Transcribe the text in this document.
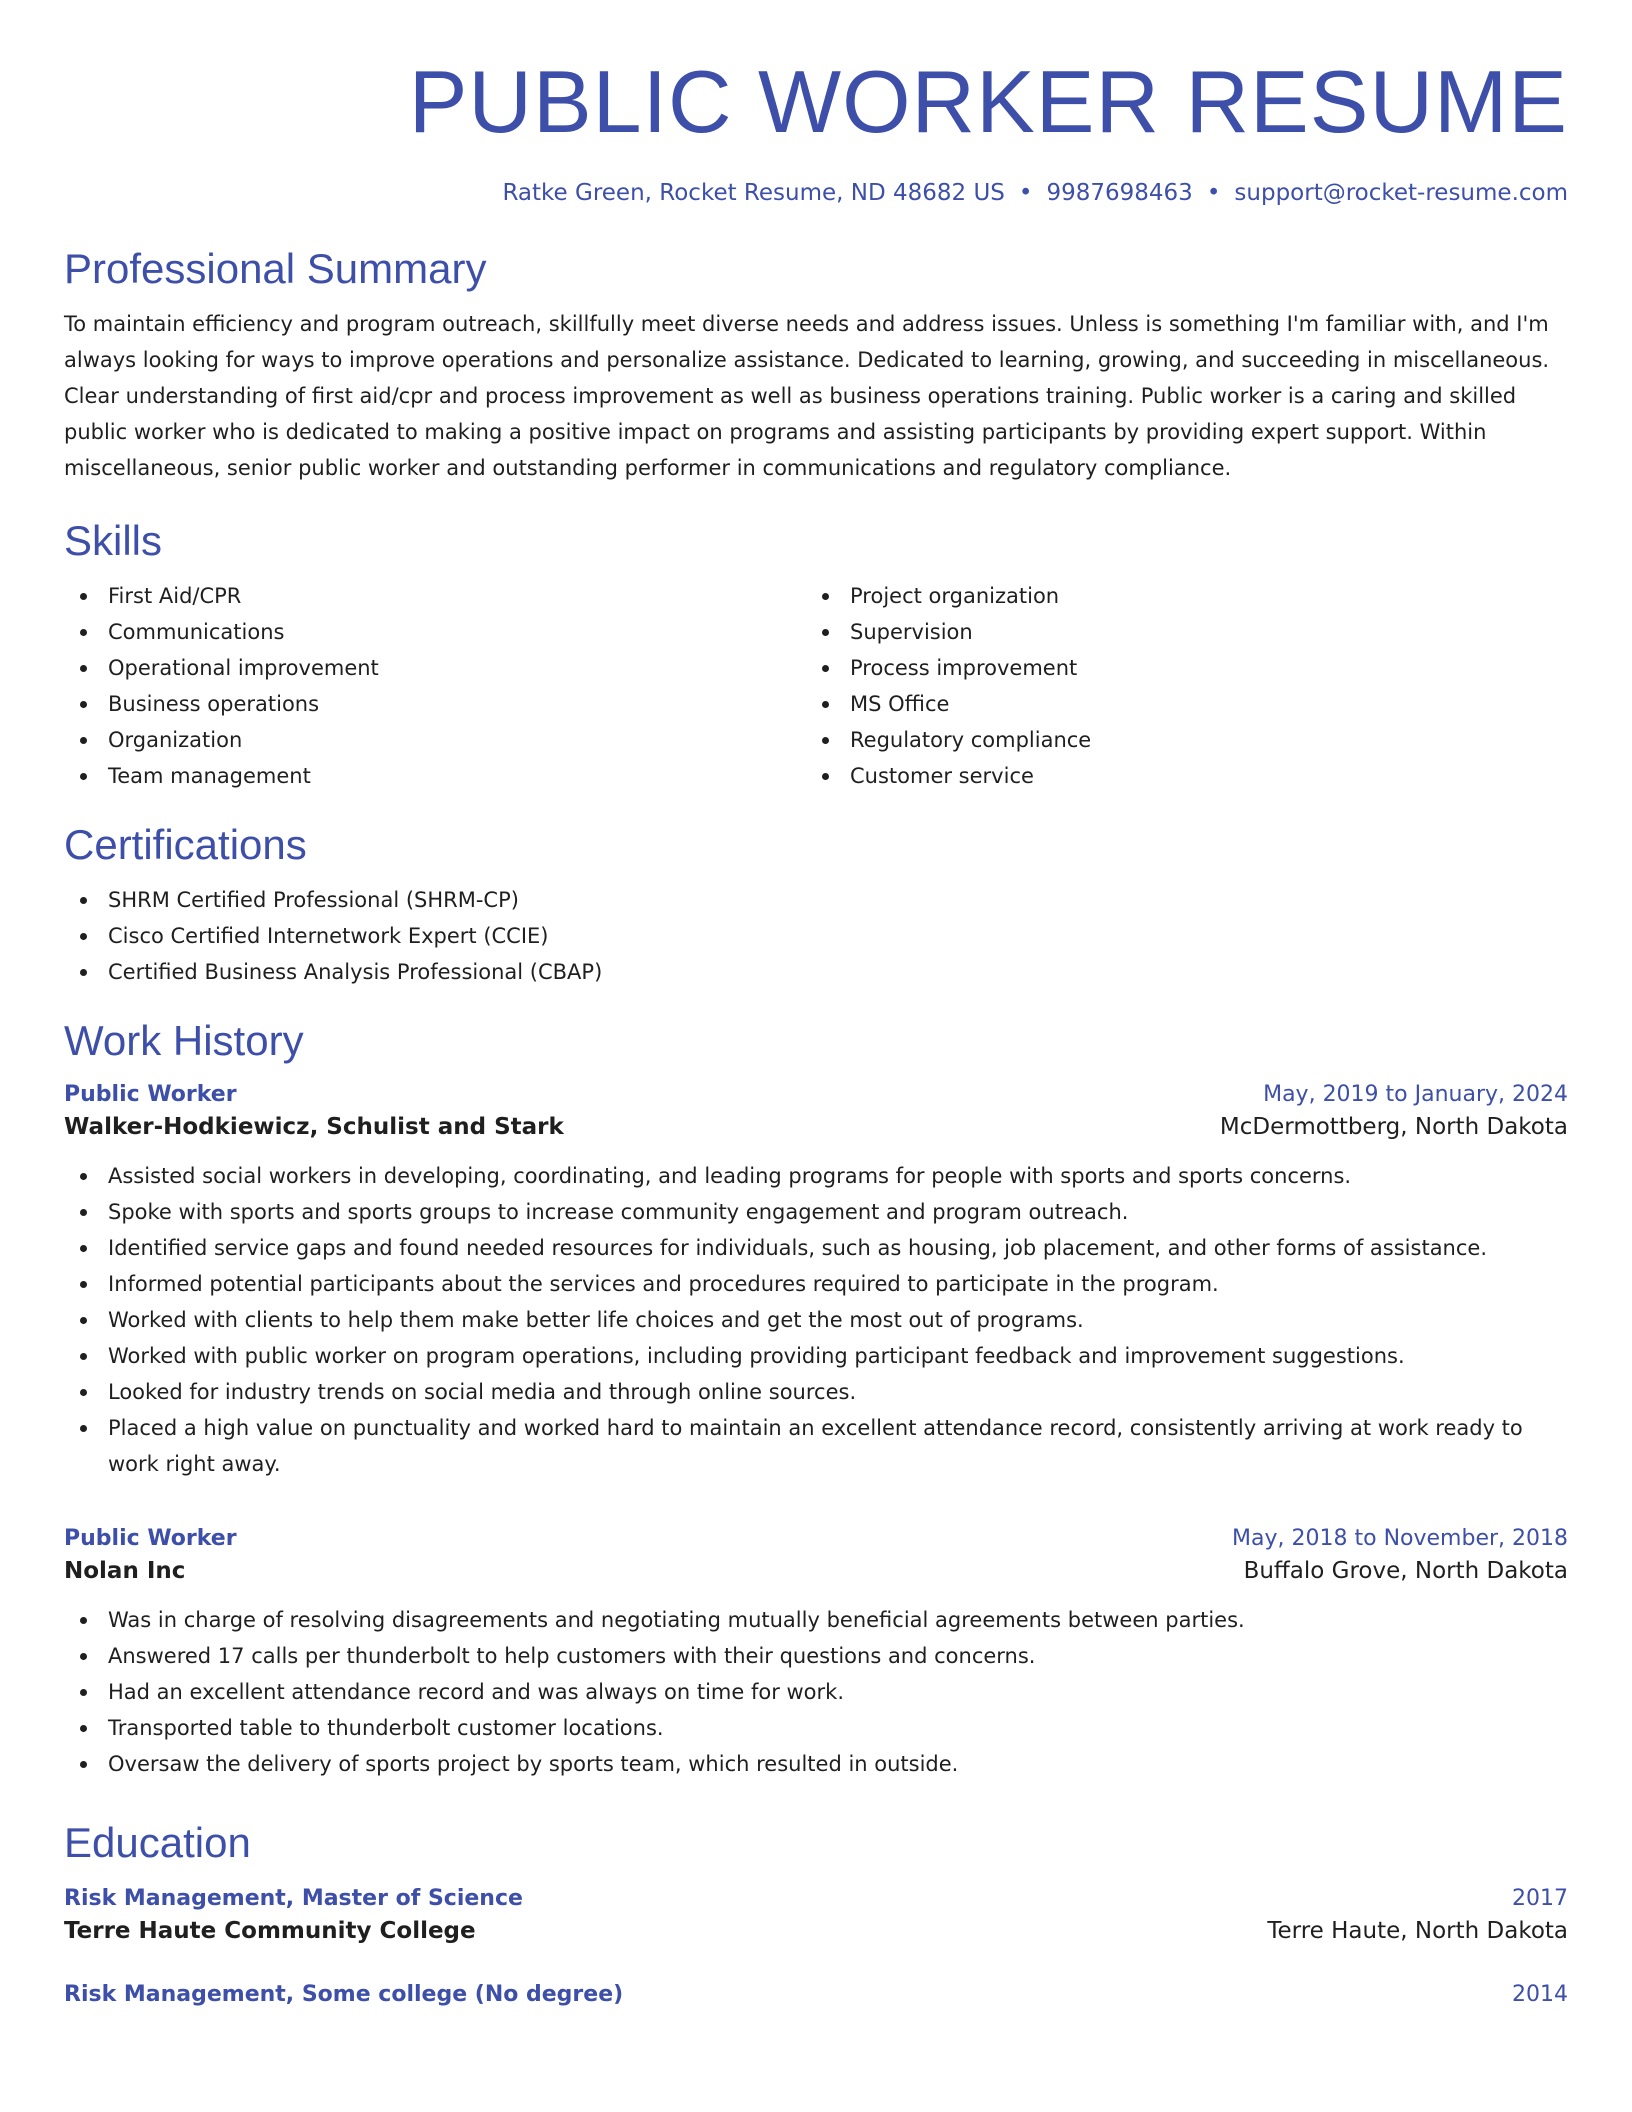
PUBLIC WORKER RESUME
Ratke Green, Rocket Resume, ND 48682 US • 9987698463 • support@rocket-resume.com
Professional Summary
To maintain efficiency and program outreach, skillfully meet diverse needs and address issues. Unless is something I'm familiar with, and I'm always looking for ways to improve operations and personalize assistance. Dedicated to learning, growing, and succeeding in miscellaneous. Clear understanding of first aid/cpr and process improvement as well as business operations training. Public worker is a caring and skilled public worker who is dedicated to making a positive impact on programs and assisting participants by providing expert support. Within miscellaneous, senior public worker and outstanding performer in communications and regulatory compliance.
Skills
First Aid/CPR
Communications
Operational improvement
Business operations
Organization
Team management
Project organization
Supervision
Process improvement
MS Office
Regulatory compliance
Customer service
Certifications
SHRM Certified Professional (SHRM-CP)
Cisco Certified Internetwork Expert (CCIE)
Certified Business Analysis Professional (CBAP)
Work History
Public Worker	May, 2019 to January, 2024
Walker-Hodkiewicz, Schulist and Stark	McDermottberg, North Dakota
Assisted social workers in developing, coordinating, and leading programs for people with sports and sports concerns.
Spoke with sports and sports groups to increase community engagement and program outreach.
Identified service gaps and found needed resources for individuals, such as housing, job placement, and other forms of assistance.
Informed potential participants about the services and procedures required to participate in the program.
Worked with clients to help them make better life choices and get the most out of programs.
Worked with public worker on program operations, including providing participant feedback and improvement suggestions.
Looked for industry trends on social media and through online sources.
Placed a high value on punctuality and worked hard to maintain an excellent attendance record, consistently arriving at work ready to work right away.
Public Worker	May, 2018 to November, 2018
Nolan Inc	Buffalo Grove, North Dakota
Was in charge of resolving disagreements and negotiating mutually beneficial agreements between parties.
Answered 17 calls per thunderbolt to help customers with their questions and concerns.
Had an excellent attendance record and was always on time for work.
Transported table to thunderbolt customer locations.
Oversaw the delivery of sports project by sports team, which resulted in outside.
Education
Risk Management, Master of Science	2017
Terre Haute Community College	Terre Haute, North Dakota
Risk Management, Some college (No degree)	2014
